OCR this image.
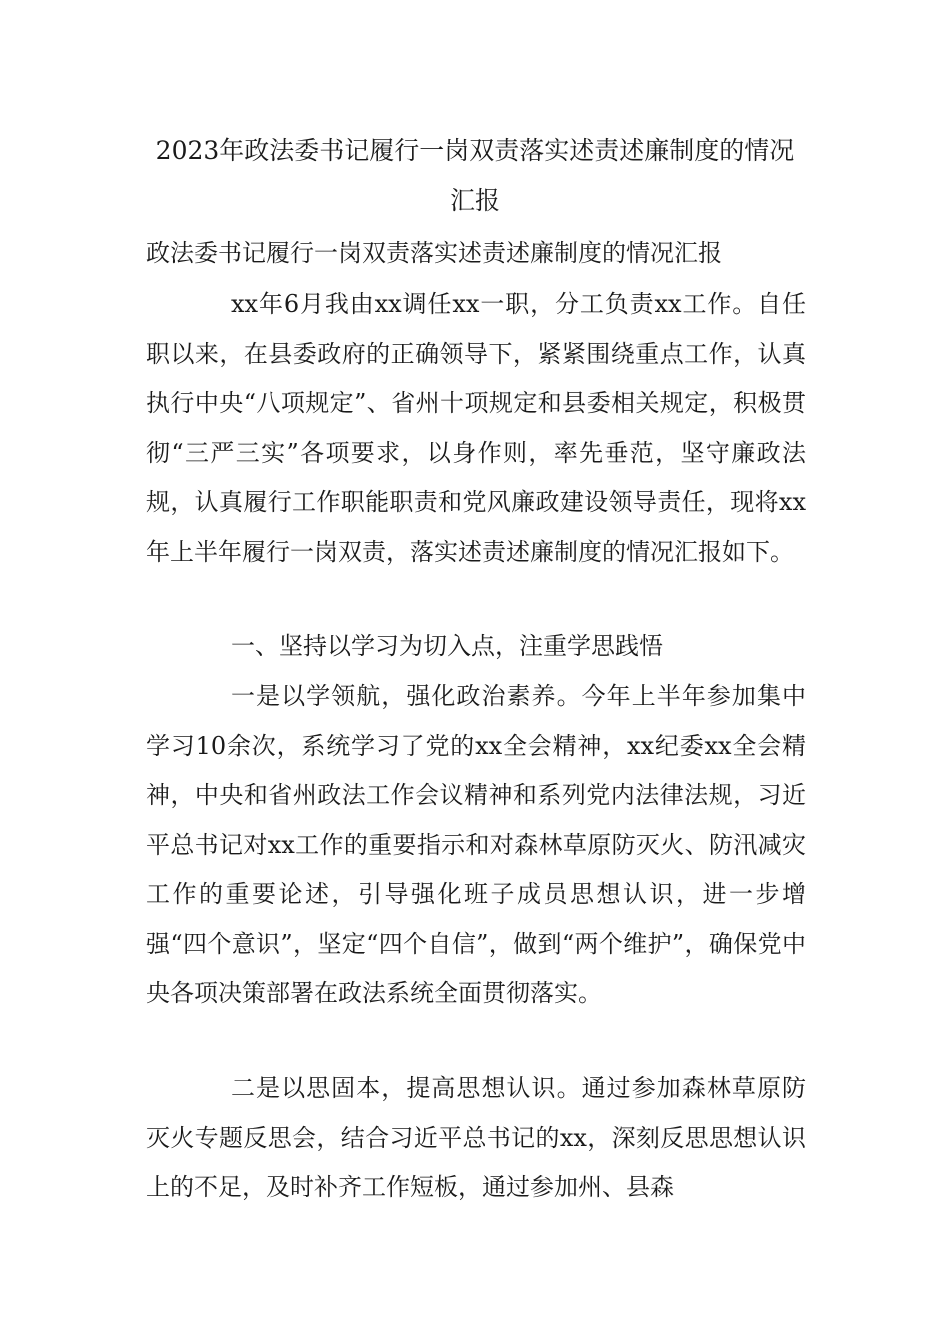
2023年政法委书记履行一岗双责落实述责述廉制度的情况
汇报
政法委书记履行一岗双责落实述责述廉制度的情况汇报
xx年6月我由xx调任xx一职，分工负责xx工作。自任职以来，在县委政府的正确领导下，紧紧围绕重点工作，认真执行中央“八项规定”、省州十项规定和县委相关规定，积极贯彻“三严三实”各项要求，以身作则，率先垂范，坚守廉政法规，认真履行工作职能职责和党风廉政建设领导责任，现将xx年上半年履行一岗双责，落实述责述廉制度的情况汇报如下。
一、坚持以学习为切入点，注重学思践悟
一是以学领航，强化政治素养。今年上半年参加集中学习10余次，系统学习了党的xx全会精神，xx纪委xx全会精神，中央和省州政法工作会议精神和系列党内法律法规，习近平总书记对xx工作的重要指示和对森林草原防灭火、防汛减灾工作的重要论述，引导强化班子成员思想认识，进一步增强“四个意识”，坚定“四个自信”，做到“两个维护”，确保党中央各项决策部署在政法系统全面贯彻落实。
二是以思固本，提高思想认识。通过参加森林草原防灭火专题反思会，结合习近平总书记的xx，深刻反思思想认识上的不足，及时补齐工作短板，通过参加州、县森
